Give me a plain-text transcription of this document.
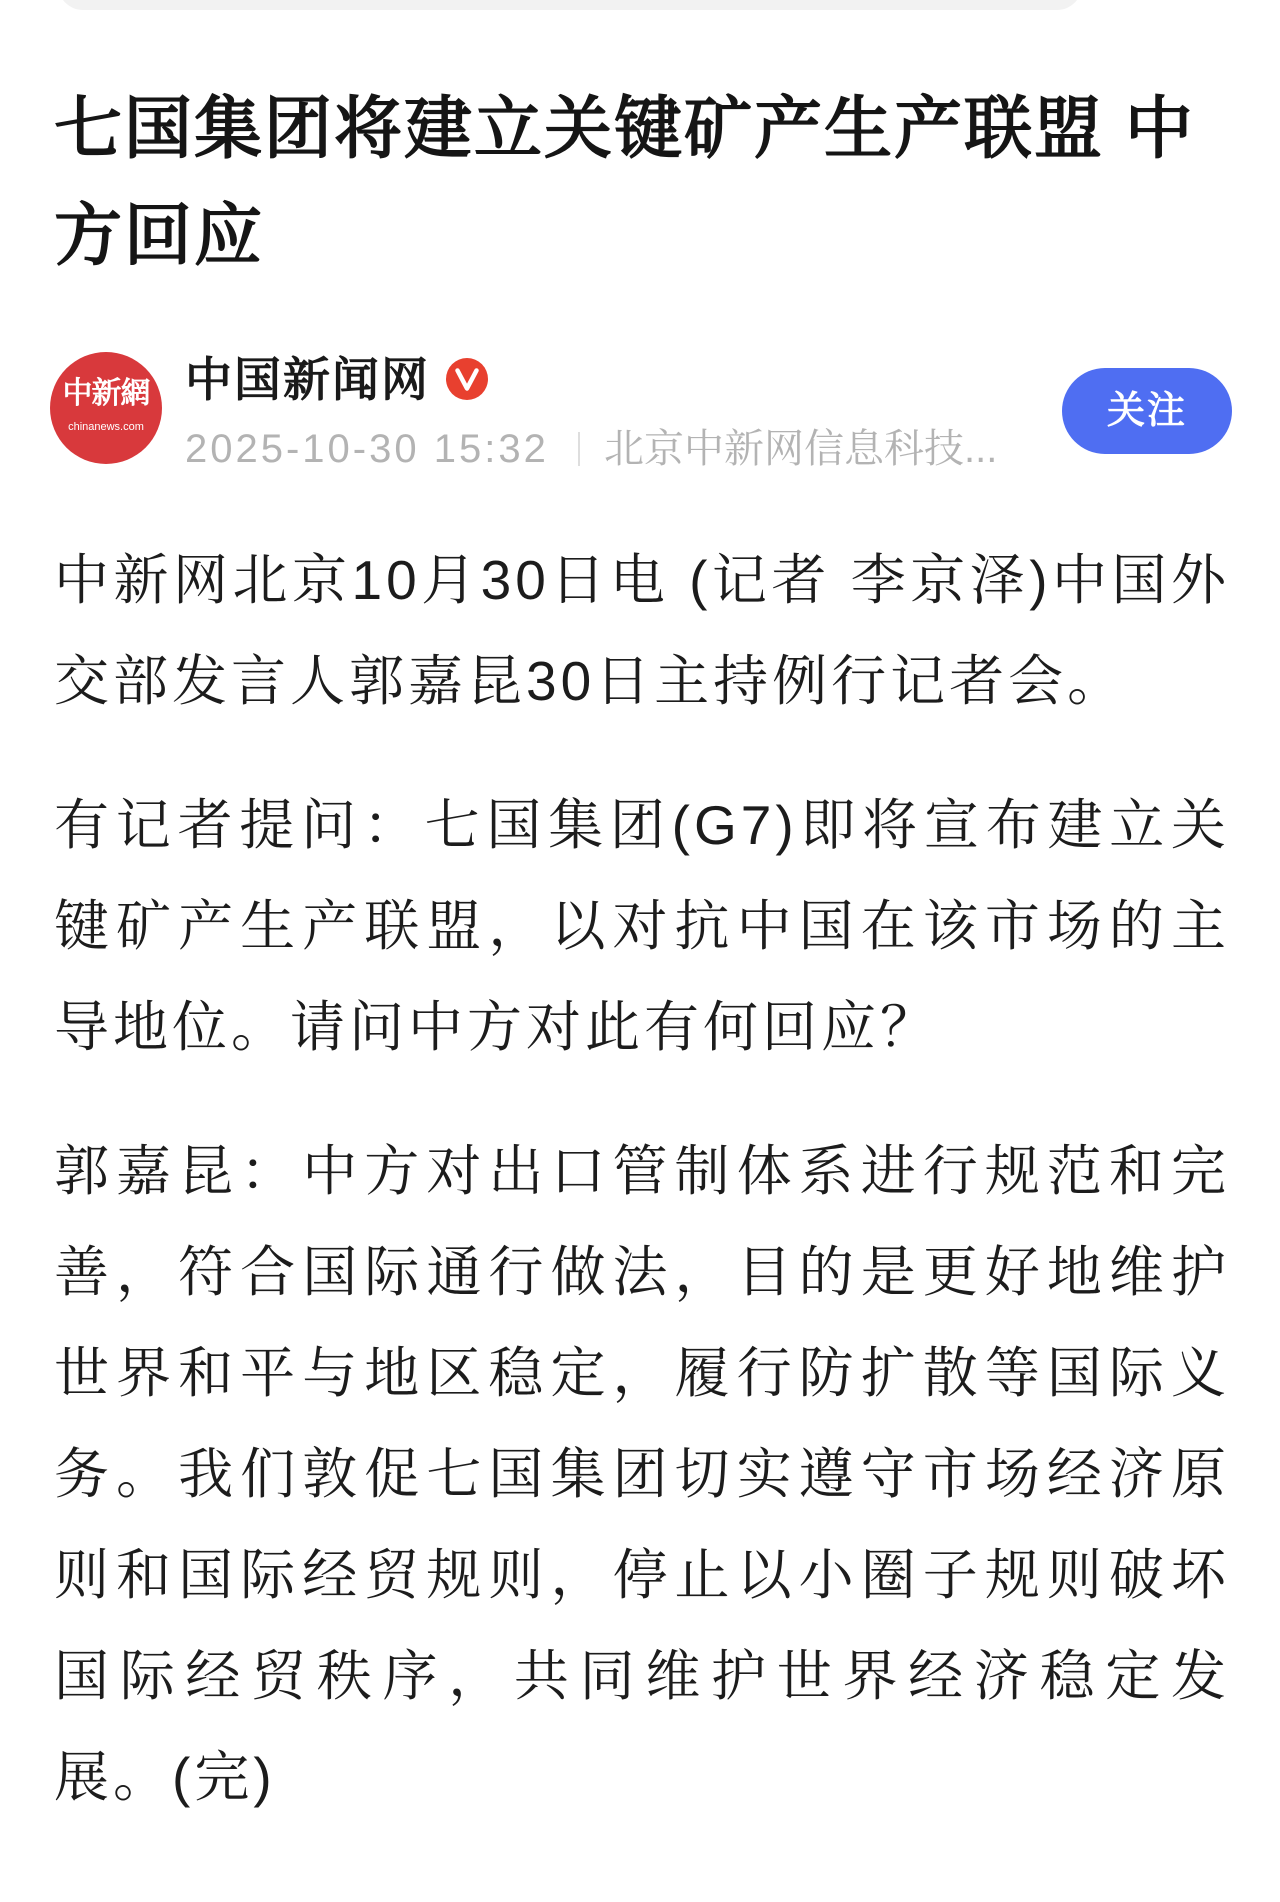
七国集团将建立关键矿产生产联盟 中方回应
中新網
chinanews.com
中国新闻网
2025-10-30 15:32 北京中新网信息科技...
关注

中新网北京10月30日电 (记者 李京泽)中国外交部发言人郭嘉昆30日主持例行记者会。

有记者提问：七国集团(G7)即将宣布建立关键矿产生产联盟，以对抗中国在该市场的主导地位。请问中方对此有何回应？

郭嘉昆：中方对出口管制体系进行规范和完善，符合国际通行做法，目的是更好地维护世界和平与地区稳定，履行防扩散等国际义务。我们敦促七国集团切实遵守市场经济原则和国际经贸规则，停止以小圈子规则破坏国际经贸秩序，共同维护世界经济稳定发展。(完)
